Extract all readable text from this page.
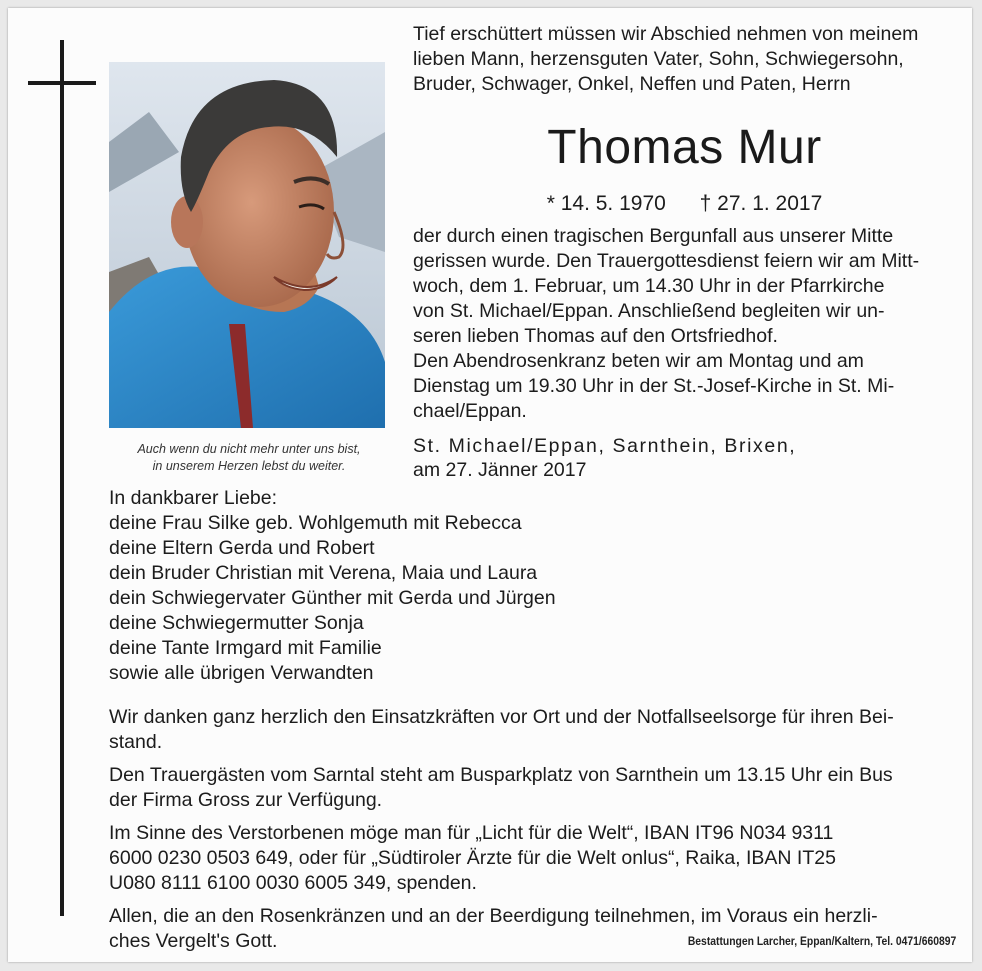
Auch wenn du nicht mehr unter uns bist,
in unserem Herzen lebst du weiter.
Tief erschüttert müssen wir Abschied nehmen von meinem
lieben Mann, herzensguten Vater, Sohn, Schwiegersohn,
Bruder, Schwager, Onkel, Neffen und Paten, Herrn
Thomas Mur
* 14. 5. 1970 † 27. 1. 2017
der durch einen tragischen Bergunfall aus unserer Mitte
gerissen wurde. Den Trauergottesdienst feiern wir am Mitt-
woch, dem 1. Februar, um 14.30 Uhr in der Pfarrkirche
von St. Michael/Eppan. Anschließend begleiten wir un-
seren lieben Thomas auf den Ortsfriedhof.
Den Abendrosenkranz beten wir am Montag und am
Dienstag um 19.30 Uhr in der St.-Josef-Kirche in St. Mi-
chael/Eppan.
St. Michael/Eppan, Sarnthein, Brixen,
am 27. Jänner 2017
In dankbarer Liebe:
deine Frau Silke geb. Wohlgemuth mit Rebecca
deine Eltern Gerda und Robert
dein Bruder Christian mit Verena, Maia und Laura
dein Schwiegervater Günther mit Gerda und Jürgen
deine Schwiegermutter Sonja
deine Tante Irmgard mit Familie
sowie alle übrigen Verwandten
Wir danken ganz herzlich den Einsatzkräften vor Ort und der Notfallseelsorge für ihren Bei-
stand.
Den Trauergästen vom Sarntal steht am Busparkplatz von Sarnthein um 13.15 Uhr ein Bus
der Firma Gross zur Verfügung.
Im Sinne des Verstorbenen möge man für „Licht für die Welt“, IBAN IT96 N034 9311
6000 0230 0503 649, oder für „Südtiroler Ärzte für die Welt onlus“, Raika, IBAN IT25
U080 8111 6100 0030 6005 349, spenden.
Allen, die an den Rosenkränzen und an der Beerdigung teilnehmen, im Voraus ein herzli-
ches Vergelt's Gott.	Bestattungen Larcher, Eppan/Kaltern, Tel. 0471/660897
